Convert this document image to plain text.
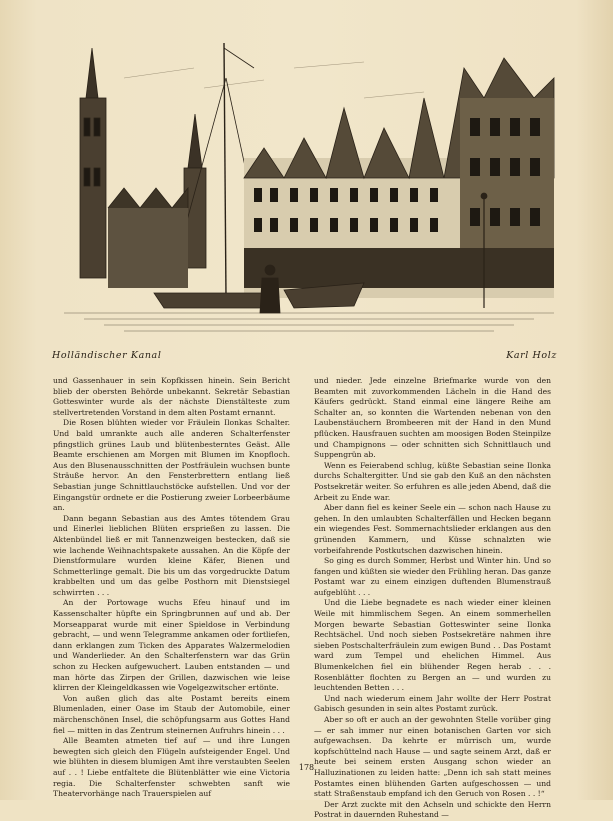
Holländischer Kanal	Karl Holz

und Gassenhauer in sein Kopfkissen hinein. Sein Bericht blieb der obersten Behörde unbekannt. Sekretär Sebastian Gotteswinter wurde als der nächste Dienstälteste zum stellvertretenden Vorstand in dem alten Postamt ernannt.

Die Rosen blühten wieder vor Fräulein Ilonkas Schalter. Und bald umrankte auch alle anderen Schalterfenster pfingstlich grünes Laub und blütenbesterntes Geäst. Alle Beamte erschienen am Morgen mit Blumen im Knopfloch. Aus den Blusenausschnitten der Postfräulein wuchsen bunte Sträuße hervor. An den Fensterbrettern entlang ließ Sebastian junge Schnittlauchstöcke aufstellen. Und vor der Eingangstür ordnete er die Postierung zweier Lorbeerbäume an.

Dann begann Sebastian aus des Amtes tötendem Grau und Einerlei lieblichen Blüten ersprießen zu lassen. Die Aktenbündel ließ er mit Tannenzweigen bestecken, daß sie wie lachende Weihnachtspakete aussahen. An die Köpfe der Dienstformulare wurden kleine Käfer, Bienen und Schmetterlinge gemalt. Die bis um das vorgedruckte Datum krabbelten und um das gelbe Posthorn mit Dienstsiegel schwirrten . . .

An der Portowage wuchs Efeu hinauf und im Kassenschalter hüpfte ein Springbrunnen auf und ab. Der Morseapparat wurde mit einer Spieldose in Verbindung gebracht, — und wenn Telegramme ankamen oder fortliefen, dann erklangen zum Ticken des Apparates Walzermelodien und Wanderlieder. An den Schalterfenstern war das Grün schon zu Hecken aufgewuchert. Lauben entstanden — und man hörte das Zirpen der Grillen, dazwischen wie leise klirren der Kleingeldkassen wie Vogelgezwitscher ertönte.

Von außen glich das alte Postamt bereits einem Blumenladen, einer Oase im Staub der Automobile, einer märchenschönen Insel, die schöpfungsarm aus Gottes Hand fiel — mitten in das Zentrum steinernen Aufruhrs hinein . . .

Alle Beamten atmeten tief auf — und ihre Lungen bewegten sich gleich den Flügeln aufsteigender Engel. Und wie blühten in diesem blumigen Amt ihre verstaubten Seelen auf . . ! Liebe entfaltete die Blütenblätter wie eine Victoria regia. Die Schalterfenster schwebten sanft wie Theatervorhänge nach Trauerspielen auf

und nieder. Jede einzelne Briefmarke wurde von den Beamten mit zuvorkommenden Lächeln in die Hand des Käufers gedrückt. Stand einmal eine längere Reihe am Schalter an, so konnten die Wartenden nebenan von den Laubenstäuchern Brombeeren mit der Hand in den Mund pflücken. Hausfrauen suchten am moosigen Boden Steinpilze und Champignons — oder schnitten sich Schnittlauch und Suppengrün ab.

Wenn es Feierabend schlug, küßte Sebastian seine Ilonka durchs Schaltergitter. Und sie gab den Kuß an den nächsten Postsekretär weiter. So erfuhren es alle jeden Abend, daß die Arbeit zu Ende war.

Aber dann fiel es keiner Seele ein — schon nach Hause zu gehen. In den umlaubten Schalterfällen und Hecken begann ein wiegendes Fest. Sommernachtslieder erklangen aus den grünenden Kammern, und Küsse schnalzten wie vorbeifahrende Postkutschen dazwischen hinein.

So ging es durch Sommer, Herbst und Winter hin. Und so fangen und küßten sie wieder den Frühling heran. Das ganze Postamt war zu einem einzigen duftenden Blumenstrauß aufgeblüht . . .

Und die Liebe begnadete es nach wieder einer kleinen Weile mit himmlischem Segen. An einem sommerhellen Morgen bewarte Sebastian Gotteswinter seine Ilonka Rechtsächel. Und noch sieben Postsekretäre nahmen ihre sieben Postschalterfräulein zum ewigen Bund . . Das Postamt ward zum Tempel und ehelichen Himmel. Aus Blumenkelchen fiel ein blühender Regen herab . . . Rosenblätter flochten zu Bergen an — und wurden zu leuchtenden Betten . . .

Und nach wiederum einem Jahr wollte der Herr Postrat Gabisch gesunden in sein altes Postamt zurück.

Aber so oft er auch an der gewohnten Stelle vorüber ging — er sah immer nur einen botanischen Garten vor sich aufgewachsen. Da kehrte er mürrisch um, wurde kopfschüttelnd nach Hause — und sagte seinem Arzt, daß er heute bei seinem ersten Ausgang schon wieder an Halluzinationen zu leiden hatte: „Denn ich sah statt meines Postamtes einen blühenden Garten aufgeschossen — und statt Straßenstaub empfand ich den Geruch von Rosen . . !“

Der Arzt zuckte mit den Achseln und schickte den Herrn Postrat in dauernden Ruhestand —

178
